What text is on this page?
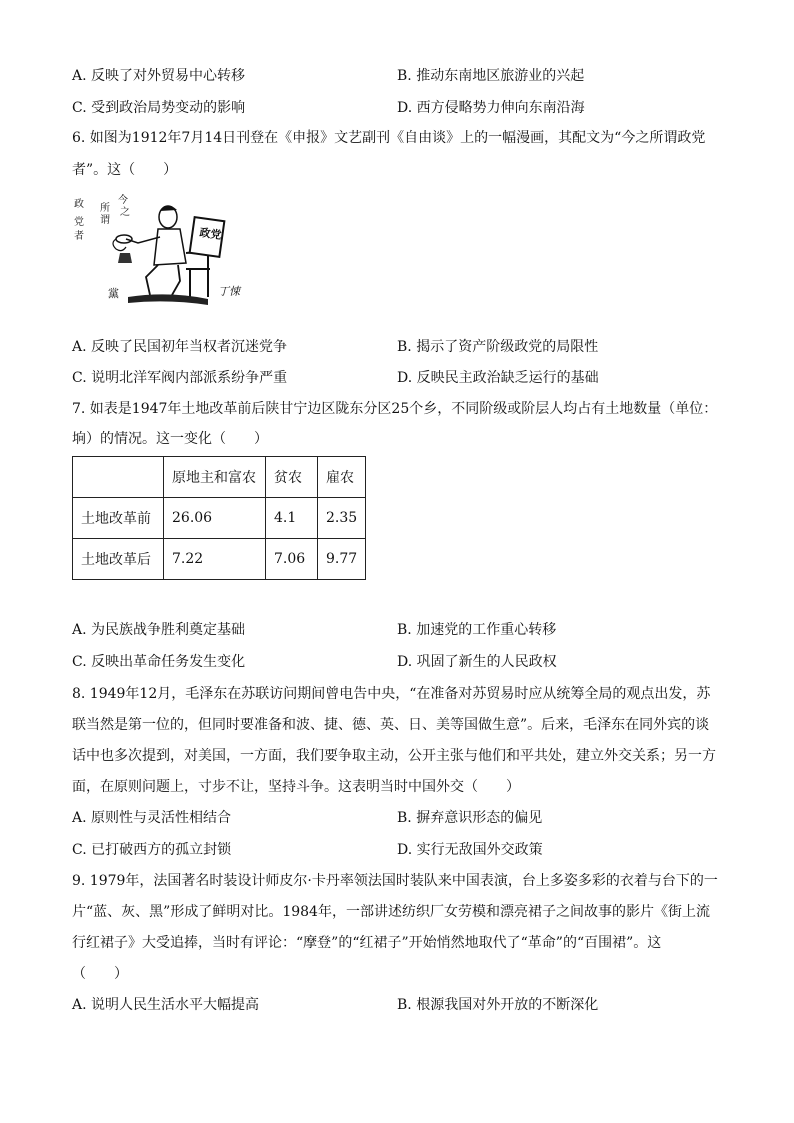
A. 反映了对外贸易中心转移	B. 推动东南地区旅游业的兴起
C. 受到政治局势变动的影响	D. 西方侵略势力伸向东南沿海
6. 如图为1912年7月14日刊登在《申报》文艺副刊《自由谈》上的一幅漫画，其配文为“今之所谓政党
者”。这（　　）
今
之
所
谓
政
党
者	政党
黨	丁悚
A. 反映了民国初年当权者沉迷党争	B. 揭示了资产阶级政党的局限性
C. 说明北洋军阀内部派系纷争严重	D. 反映民主政治缺乏运行的基础
7. 如表是1947年土地改革前后陕甘宁边区陇东分区25个乡，不同阶级或阶层人均占有土地数量（单位：
垧）的情况。这一变化（　　）
	原地主和富农	贫农	雇农
土地改革前	26.06	4.1	2.35
土地改革后	7.22	7.06	9.77
A. 为民族战争胜利奠定基础	B. 加速党的工作重心转移
C. 反映出革命任务发生变化	D. 巩固了新生的人民政权
8. 1949年12月，毛泽东在苏联访问期间曾电告中央，“在准备对苏贸易时应从统筹全局的观点出发，苏
联当然是第一位的，但同时要准备和波、捷、德、英、日、美等国做生意”。后来，毛泽东在同外宾的谈
话中也多次提到，对美国，一方面，我们要争取主动，公开主张与他们和平共处，建立外交关系；另一方
面，在原则问题上，寸步不让，坚持斗争。这表明当时中国外交（　　）
A. 原则性与灵活性相结合	B. 摒弃意识形态的偏见
C. 已打破西方的孤立封锁	D. 实行无敌国外交政策
9. 1979年，法国著名时装设计师皮尔·卡丹率领法国时装队来中国表演，台上多姿多彩的衣着与台下的一
片“蓝、灰、黑”形成了鲜明对比。1984年，一部讲述纺织厂女劳模和漂亮裙子之间故事的影片《街上流
行红裙子》大受追捧，当时有评论：“摩登”的“红裙子”开始悄然地取代了“革命”的“百围裙”。这
（　　）
A. 说明人民生活水平大幅提高	B. 根源我国对外开放的不断深化
